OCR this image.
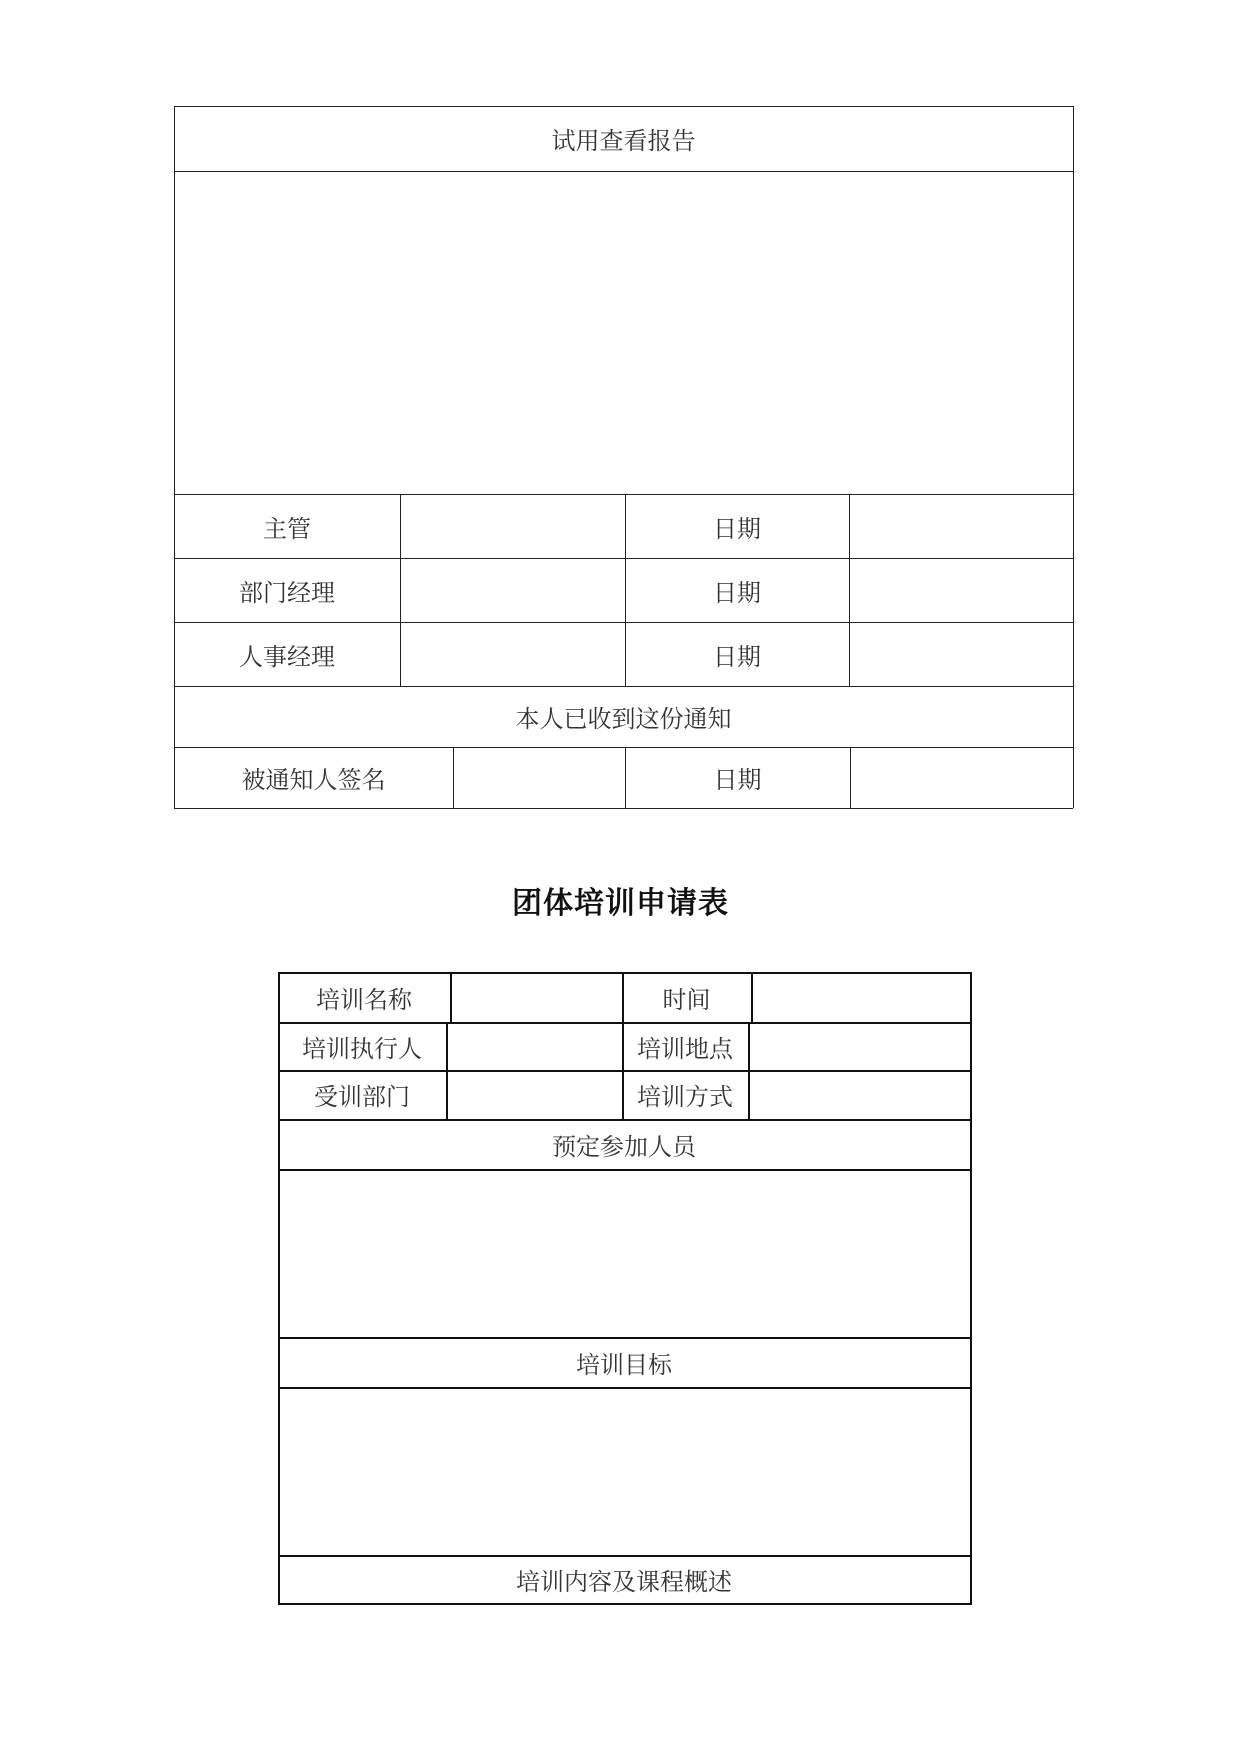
试用查看报告
主管	日期
部门经理	日期
人事经理	日期
本人已收到这份通知
被通知人签名	日期
团体培训申请表
培训名称	时间
培训执行人	培训地点
受训部门	培训方式
预定参加人员
培训目标
培训内容及课程概述
